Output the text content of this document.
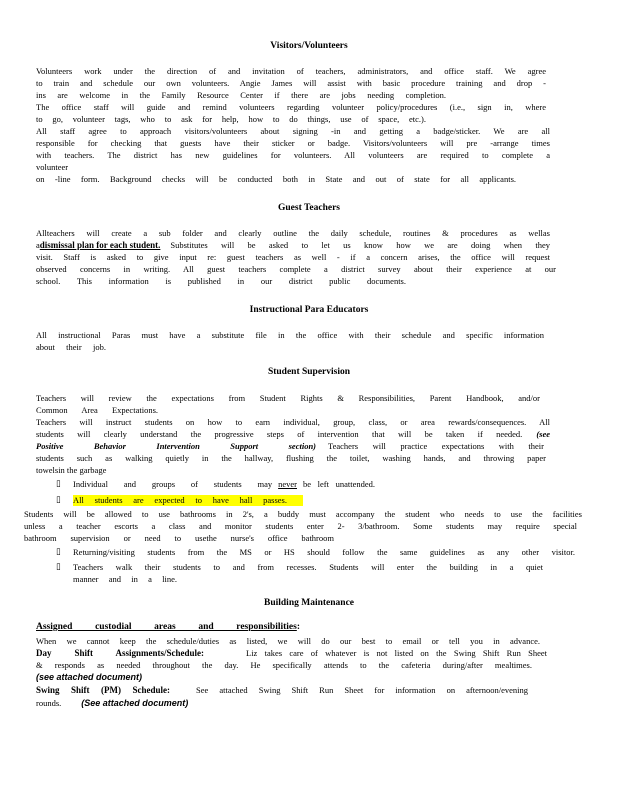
Visitors/Volunteers
Volunteers work under the direction of and invitation of teachers, administrators, and office staff. We agree
to train and schedule our own volunteers. Angie James will assist with basic procedure training and drop -
ins are welcome in the Family Resource Center if there are jobs needing completion.
The office staff will guide and remind volunteers regarding volunteer policy/procedures (i.e., sign in, where
to go, volunteer tags, who to ask for help, how to do things, use of space, etc.).
All staff agree to approach visitors/volunteers about signing -in and getting a badge/sticker. We are all
responsible for checking that guests have their sticker or badge. Visitors/volunteers will pre -arrange times
with teachers. The district has new guidelines for volunteers. All volunteers are required to complete a
volunteer
on -line form. Background checks will be conducted both in State and out of state for all applicants.
Guest Teachers
Allteachers will create a sub folder and clearly outline the daily schedule, routines & procedures as wellas
a dismissal plan for each student. Substitutes will be asked to let us know how we are doing when they
visit. Staff is asked to give input re: guest teachers as well - if a concern arises, the office will request
observed concerns in writing. All guest teachers complete a district survey about their experience at our
school. This information is published in our district public documents.
Instructional Para Educators
All instructional Paras must have a substitute file in the office with their schedule and specific information
about their job.
Student Supervision
Teachers will review the expectations from Student Rights & Responsibilities, Parent Handbook, and/or
Common Area Expectations.
Teachers will instruct students on how to earn individual, group, class, or area rewards/consequences. All
students will clearly understand the progressive steps of intervention that will be taken if needed. (see
Positive Behavior Intervention Support section) Teachers will practice expectations with their
students such as walking quietly in the hallway, flushing the toilet, washing hands, and throwing paper
towelsin the garbage
▯ Individual and groups of students may never be left unattended.
▯ All students are expected to have hall passes.
Students will be allowed to use bathrooms in 2's, a buddy must accompany the student who needs to use the facilities
unless a teacher escorts a class and monitor students enter 2- 3/bathroom. Some students may require special
bathroom supervision or need to usethe nurse's office bathroom
▯ Returning/visiting students from the MS or HS should follow the same guidelines as any other visitor.
▯ Teachers walk their students to and from recesses. Students will enter the building in a quiet
manner and in a line.
Building Maintenance
Assigned custodial areas and responsibilities :
When we cannot keep the schedule/duties as listed, we will do our best to email or tell you in advance.
Day Shift Assignments/Schedule:	Liz takes care of whatever is not listed on the Swing Shift Run Sheet
& responds as needed throughout the day. He specifically attends to the cafeteria during/after mealtimes.
(see attached document)
Swing Shift (PM) Schedule:	See attached Swing Shift Run Sheet for information on afternoon/evening
rounds. (See attached document)
